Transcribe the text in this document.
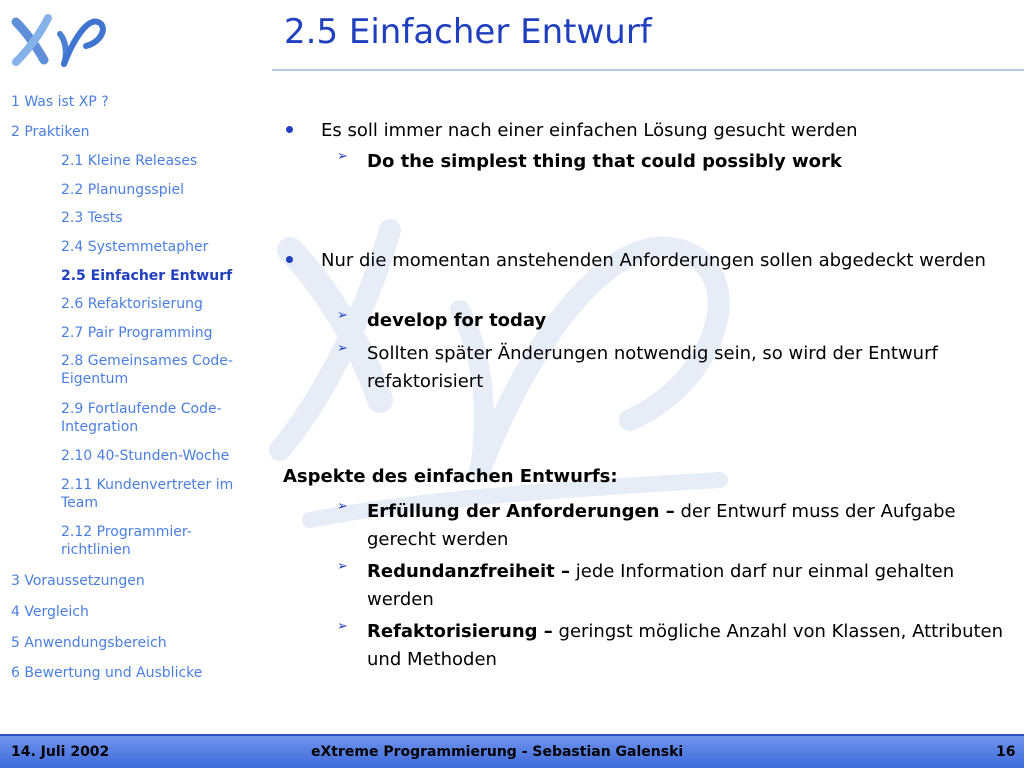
2.5 Einfacher Entwurf
1 Was ist XP ?
2 Praktiken
2.1 Kleine Releases
2.2 Planungsspiel
2.3 Tests
2.4 Systemmetapher
2.5 Einfacher Entwurf
2.6 Refaktorisierung
2.7 Pair Programming
2.8 Gemeinsames Code-
Eigentum
2.9 Fortlaufende Code-
Integration
2.10 40-Stunden-Woche
2.11 Kundenvertreter im
Team
2.12 Programmier-
richtlinien
3 Voraussetzungen
4 Vergleich
5 Anwendungsbereich
6 Bewertung und Ausblicke
Es soll immer nach einer einfachen Lösung gesucht werden
➢ Do the simplest thing that could possibly work
Nur die momentan anstehenden Anforderungen sollen abgedeckt werden
➢ develop for today
➢ Sollten später Änderungen notwendig sein, so wird der Entwurf refaktorisiert
Aspekte des einfachen Entwurfs:
➢ Erfüllung der Anforderungen – der Entwurf muss der Aufgabe gerecht werden
➢ Redundanzfreiheit – jede Information darf nur einmal gehalten werden
➢ Refaktorisierung – geringst mögliche Anzahl von Klassen, Attributen und Methoden
14. Juli 2002	eXtreme Programmierung - Sebastian Galenski	16
